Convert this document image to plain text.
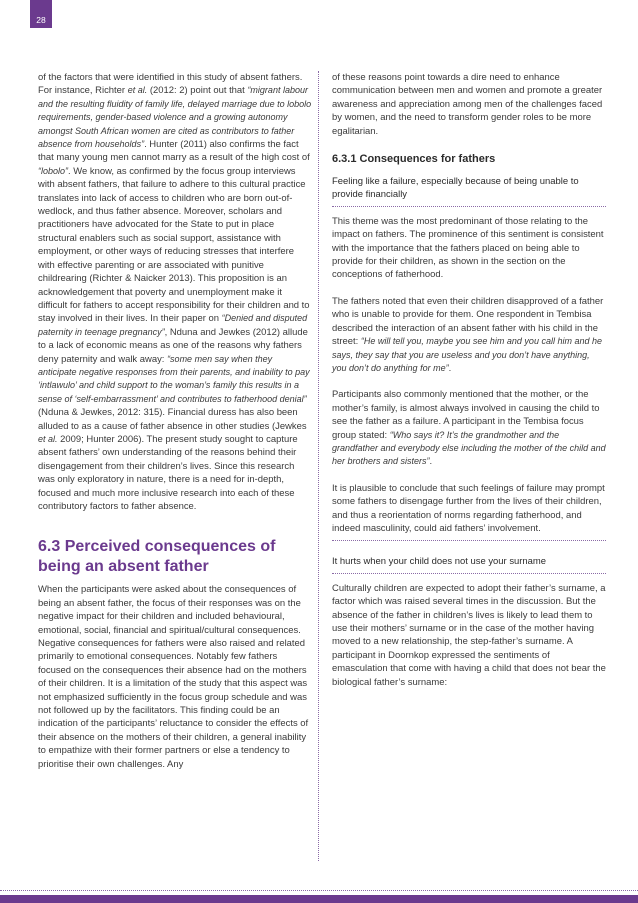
28

of the factors that were identified in this study of absent fathers. For instance, Richter et al. (2012: 2) point out that “migrant labour and the resulting fluidity of family life, delayed marriage due to lobolo requirements, gender-based violence and a growing autonomy amongst South African women are cited as contributors to father absence from households”. Hunter (2011) also confirms the fact that many young men cannot marry as a result of the high cost of “lobolo”. We know, as confirmed by the focus group interviews with absent fathers, that failure to adhere to this cultural practice translates into lack of access to children who are born out-of-wedlock, and thus father absence. Moreover, scholars and practitioners have advocated for the State to put in place structural enablers such as social support, assistance with employment, or other ways of reducing stresses that interfere with effective parenting or are associated with punitive childrearing (Richter & Naicker 2013). This proposition is an acknowledgement that poverty and unemployment make it difficult for fathers to accept responsibility for their children and to stay involved in their lives. In their paper on “Denied and disputed paternity in teenage pregnancy”, Nduna and Jewkes (2012) allude to a lack of economic means as one of the reasons why fathers deny paternity and walk away: “some men say when they anticipate negative responses from their parents, and inability to pay ‘intlawulo’ and child support to the woman’s family this results in a sense of ‘self-embarrassment’ and contributes to fatherhood denial” (Nduna & Jewkes, 2012: 315). Financial duress has also been alluded to as a cause of father absence in other studies (Jewkes et al. 2009; Hunter 2006). The present study sought to capture absent fathers’ own understanding of the reasons behind their disengagement from their children’s lives. Since this research was only exploratory in nature, there is a need for in-depth, focused and much more inclusive research into each of these contributory factors to father absence.

6.3 Perceived consequences of being an absent father

When the participants were asked about the consequences of being an absent father, the focus of their responses was on the negative impact for their children and included behavioural, emotional, social, financial and spiritual/cultural consequences. Negative consequences for fathers were also raised and related primarily to emotional consequences. Notably few fathers focused on the consequences their absence had on the mothers of their children. It is a limitation of the study that this aspect was not emphasized sufficiently in the focus group schedule and was not followed up by the facilitators. This finding could be an indication of the participants’ reluctance to consider the effects of their absence on the mothers of their children, a general inability to empathize with their former partners or else a tendency to prioritise their own challenges. Any

of these reasons point towards a dire need to enhance communication between men and women and promote a greater awareness and appreciation among men of the challenges faced by women, and the need to transform gender roles to be more egalitarian.

6.3.1 Consequences for fathers
Feeling like a failure, especially because of being unable to provide financially

This theme was the most predominant of those relating to the impact on fathers. The prominence of this sentiment is consistent with the importance that the fathers placed on being able to provide for their children, as shown in the section on the conceptions of fatherhood.

The fathers noted that even their children disapproved of a father who is unable to provide for them. One respondent in Tembisa described the interaction of an absent father with his child in the street: “He will tell you, maybe you see him and you call him and he says, they say that you are useless and you don’t have anything, you don’t do anything for me”.

Participants also commonly mentioned that the mother, or the mother’s family, is almost always involved in causing the child to see the father as a failure. A participant in the Tembisa focus group stated: “Who says it? It’s the grandmother and the grandfather and everybody else including the mother of the child and her brothers and sisters”.

It is plausible to conclude that such feelings of failure may prompt some fathers to disengage further from the lives of their children, and thus a reorientation of norms regarding fatherhood, and indeed masculinity, could aid fathers’ involvement.

It hurts when your child does not use your surname

Culturally children are expected to adopt their father’s surname, a factor which was raised several times in the discussion. But the absence of the father in children’s lives is likely to lead them to use their mothers’ surname or in the case of the mother having moved to a new relationship, the step-father’s surname. A participant in Doornkop expressed the sentiments of emasculation that come with having a child that does not bear the biological father’s surname:
